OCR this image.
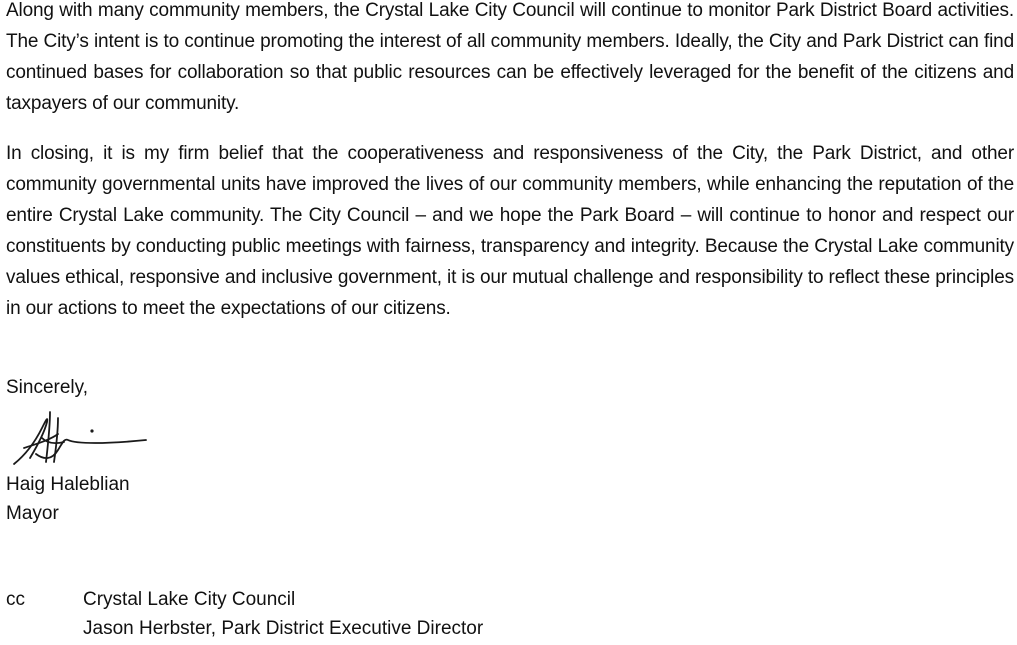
Along with many community members, the Crystal Lake City Council will continue to monitor Park District Board activities. The City’s intent is to continue promoting the interest of all community members. Ideally, the City and Park District can find continued bases for collaboration so that public resources can be effectively leveraged for the benefit of the citizens and taxpayers of our community.

In closing, it is my firm belief that the cooperativeness and responsiveness of the City, the Park District, and other community governmental units have improved the lives of our community members, while enhancing the reputation of the entire Crystal Lake community. The City Council – and we hope the Park Board – will continue to honor and respect our constituents by conducting public meetings with fairness, transparency and integrity. Because the Crystal Lake community values ethical, responsive and inclusive government, it is our mutual challenge and responsibility to reflect these principles in our actions to meet the expectations of our citizens.

Sincerely,
Haig Haleblian
Mayor
cc	Crystal Lake City Council
Jason Herbster, Park District Executive Director
